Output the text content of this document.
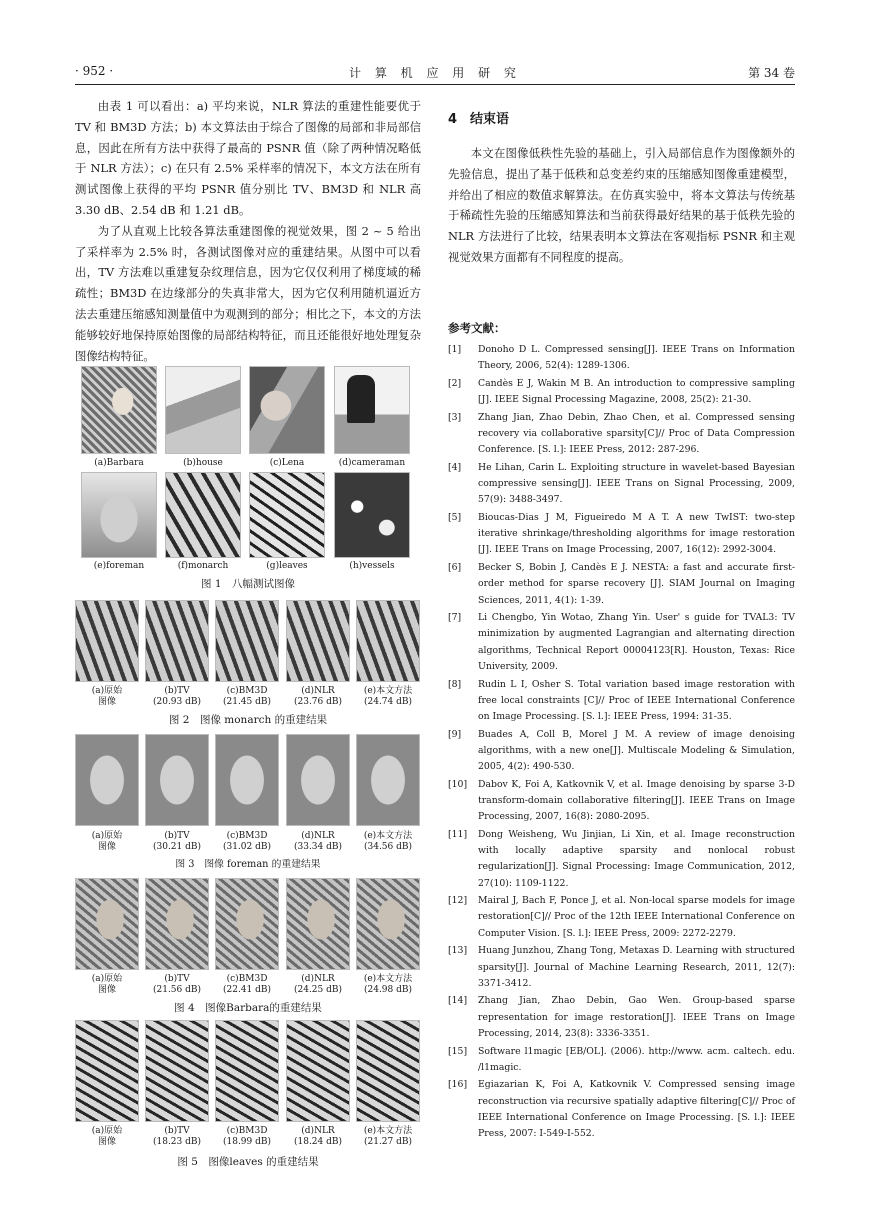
· 952 ·	计 算 机 应 用 研 究	第 34 卷

由表 1 可以看出：a) 平均来说，NLR 算法的重建性能要优于 TV 和 BM3D 方法；b) 本文算法由于综合了图像的局部和非局部信息，因此在所有方法中获得了最高的 PSNR 值（除了两种情况略低于 NLR 方法）；c) 在只有 2.5% 采样率的情况下，本文方法在所有测试图像上获得的平均 PSNR 值分别比 TV、BM3D 和 NLR 高 3.30 dB、2.54 dB 和 1.21 dB。

为了从直观上比较各算法重建图像的视觉效果，图 2 ~ 5 给出了采样率为 2.5% 时，各测试图像对应的重建结果。从图中可以看出，TV 方法难以重建复杂纹理信息，因为它仅仅利用了梯度域的稀疏性；BM3D 在边缘部分的失真非常大，因为它仅利用随机逼近方法去重建压缩感知测量值中为观测到的部分；相比之下，本文的方法能够较好地保持原始图像的局部结构特征，而且还能很好地处理复杂图像结构特征。

(a)Barbara	(b)house	(c)Lena	(d)cameraman
(e)foreman	(f)monarch	(g)leaves	(h)vessels
图 1　八幅测试图像
(a)原始
图像
(b)TV
(20.93 dB)
(c)BM3D
(21.45 dB)
(d)NLR
(23.76 dB)
(e)本文方法
(24.74 dB)
图 2　图像 monarch 的重建结果
(a)原始
图像
(b)TV
(30.21 dB)
(c)BM3D
(31.02 dB)
(d)NLR
(33.34 dB)
(e)本文方法
(34.56 dB)
图 3　图像 foreman 的重建结果
(a)原始
图像
(b)TV
(21.56 dB)
(c)BM3D
(22.41 dB)
(d)NLR
(24.25 dB)
(e)本文方法
(24.98 dB)
图 4　图像Barbara的重建结果
(a)原始
图像
(b)TV
(18.23 dB)
(c)BM3D
(18.99 dB)
(d)NLR
(18.24 dB)
(e)本文方法
(21.27 dB)
图 5　图像leaves 的重建结果
4　结束语

本文在图像低秩性先验的基础上，引入局部信息作为图像额外的先验信息，提出了基于低秩和总变差约束的压缩感知图像重建模型，并给出了相应的数值求解算法。在仿真实验中，将本文算法与传统基于稀疏性先验的压缩感知算法和当前获得最好结果的基于低秩先验的 NLR 方法进行了比较，结果表明本文算法在客观指标 PSNR 和主观视觉效果方面都有不同程度的提高。

参考文献：
[1]	Donoho D L. Compressed sensing[J]. IEEE Trans on Information Theory, 2006, 52(4): 1289-1306.
[2]	Candès E J, Wakin M B. An introduction to compressive sampling [J]. IEEE Signal Processing Magazine, 2008, 25(2): 21-30.
[3]	Zhang Jian, Zhao Debin, Zhao Chen, et al. Compressed sensing recovery via collaborative sparsity[C]// Proc of Data Compression Conference. [S. l.]: IEEE Press, 2012: 287-296.
[4]	He Lihan, Carin L. Exploiting structure in wavelet-based Bayesian compressive sensing[J]. IEEE Trans on Signal Processing, 2009, 57(9): 3488-3497.
[5]	Bioucas-Dias J M, Figueiredo M A T. A new TwIST: two-step iterative shrinkage/thresholding algorithms for image restoration [J]. IEEE Trans on Image Processing, 2007, 16(12): 2992-3004.
[6]	Becker S, Bobin J, Candès E J. NESTA: a fast and accurate first-order method for sparse recovery [J]. SIAM Journal on Imaging Sciences, 2011, 4(1): 1-39.
[7]	Li Chengbo, Yin Wotao, Zhang Yin. User' s guide for TVAL3: TV minimization by augmented Lagrangian and alternating direction algorithms, Technical Report 00004123[R]. Houston, Texas: Rice University, 2009.
[8]	Rudin L I, Osher S. Total variation based image restoration with free local constraints [C]// Proc of IEEE International Conference on Image Processing. [S. l.]: IEEE Press, 1994: 31-35.
[9]	Buades A, Coll B, Morel J M. A review of image denoising algorithms, with a new one[J]. Multiscale Modeling & Simulation, 2005, 4(2): 490-530.
[10]	Dabov K, Foi A, Katkovnik V, et al. Image denoising by sparse 3-D transform-domain collaborative filtering[J]. IEEE Trans on Image Processing, 2007, 16(8): 2080-2095.
[11]	Dong Weisheng, Wu Jinjian, Li Xin, et al. Image reconstruction with locally adaptive sparsity and nonlocal robust regularization[J]. Signal Processing: Image Communication, 2012, 27(10): 1109-1122.
[12]	Mairal J, Bach F, Ponce J, et al. Non-local sparse models for image restoration[C]// Proc of the 12th IEEE International Conference on Computer Vision. [S. l.]: IEEE Press, 2009: 2272-2279.
[13]	Huang Junzhou, Zhang Tong, Metaxas D. Learning with structured sparsity[J]. Journal of Machine Learning Research, 2011, 12(7): 3371-3412.
[14]	Zhang Jian, Zhao Debin, Gao Wen. Group-based sparse representation for image restoration[J]. IEEE Trans on Image Processing, 2014, 23(8): 3336-3351.
[15]	Software l1magic [EB/OL]. (2006). http://www. acm. caltech. edu. /l1magic.
[16]	Egiazarian K, Foi A, Katkovnik V. Compressed sensing image reconstruction via recursive spatially adaptive filtering[C]// Proc of IEEE International Conference on Image Processing. [S. l.]: IEEE Press, 2007: I-549-I-552.
